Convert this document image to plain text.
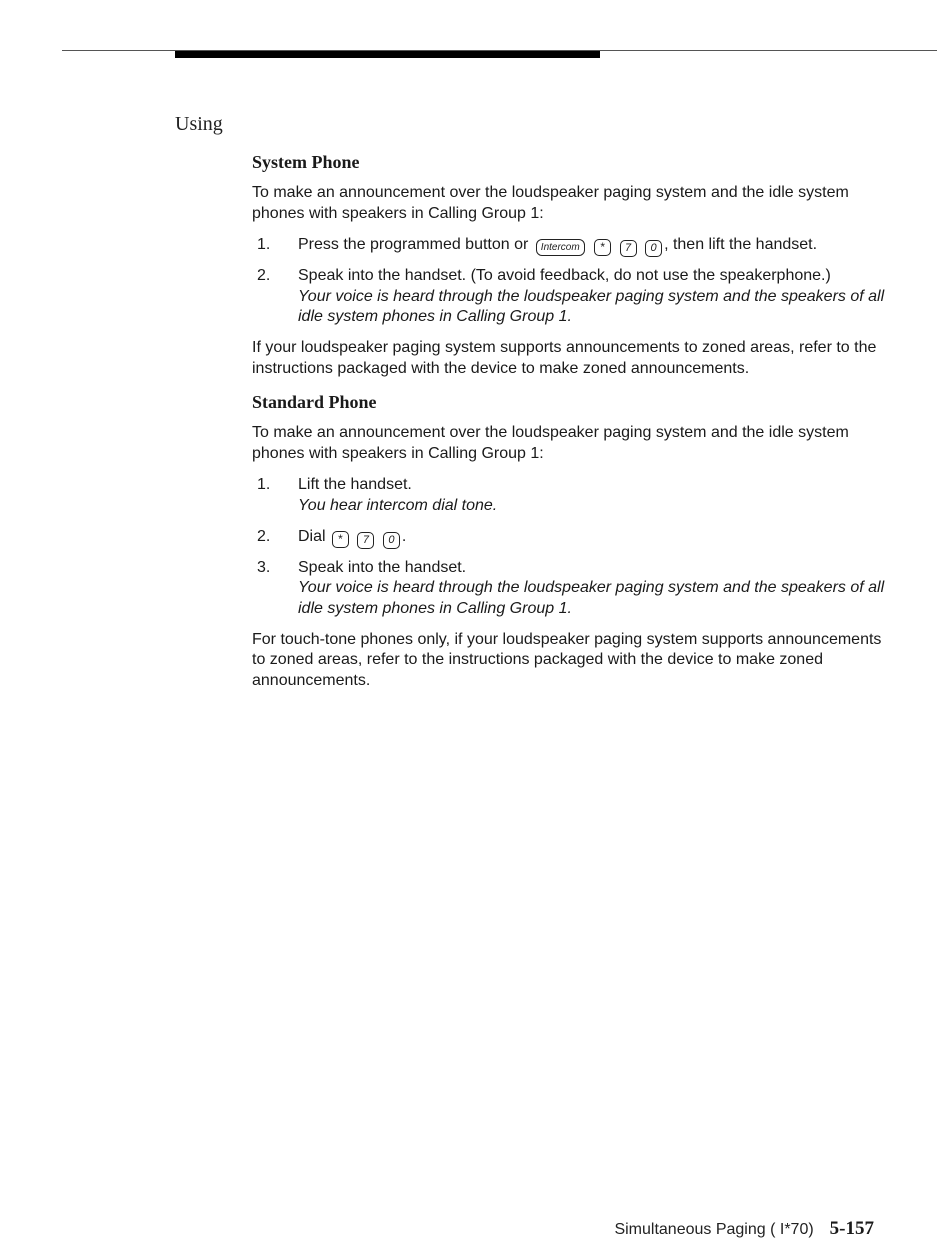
Using
System Phone

To make an announcement over the loudspeaker paging system and the idle system phones with speakers in Calling Group 1:

1. Press the programmed button or Intercom * 7 0 , then lift the handset.
2. Speak into the handset. (To avoid feedback, do not use the speakerphone.)
Your voice is heard through the loudspeaker paging system and the speakers of all idle system phones in Calling Group 1.

If your loudspeaker paging system supports announcements to zoned areas, refer to the instructions packaged with the device to make zoned announcements.

Standard Phone

To make an announcement over the loudspeaker paging system and the idle system phones with speakers in Calling Group 1:

1. Lift the handset.
You hear intercom dial tone.
2. Dial * 7 0 .
3. Speak into the handset.
Your voice is heard through the loudspeaker paging system and the speakers of all idle system phones in Calling Group 1.

For touch-tone phones only, if your loudspeaker paging system supports announcements to zoned areas, refer to the instructions packaged with the device to make zoned announcements.

Simultaneous Paging ( I*70) 5-157
